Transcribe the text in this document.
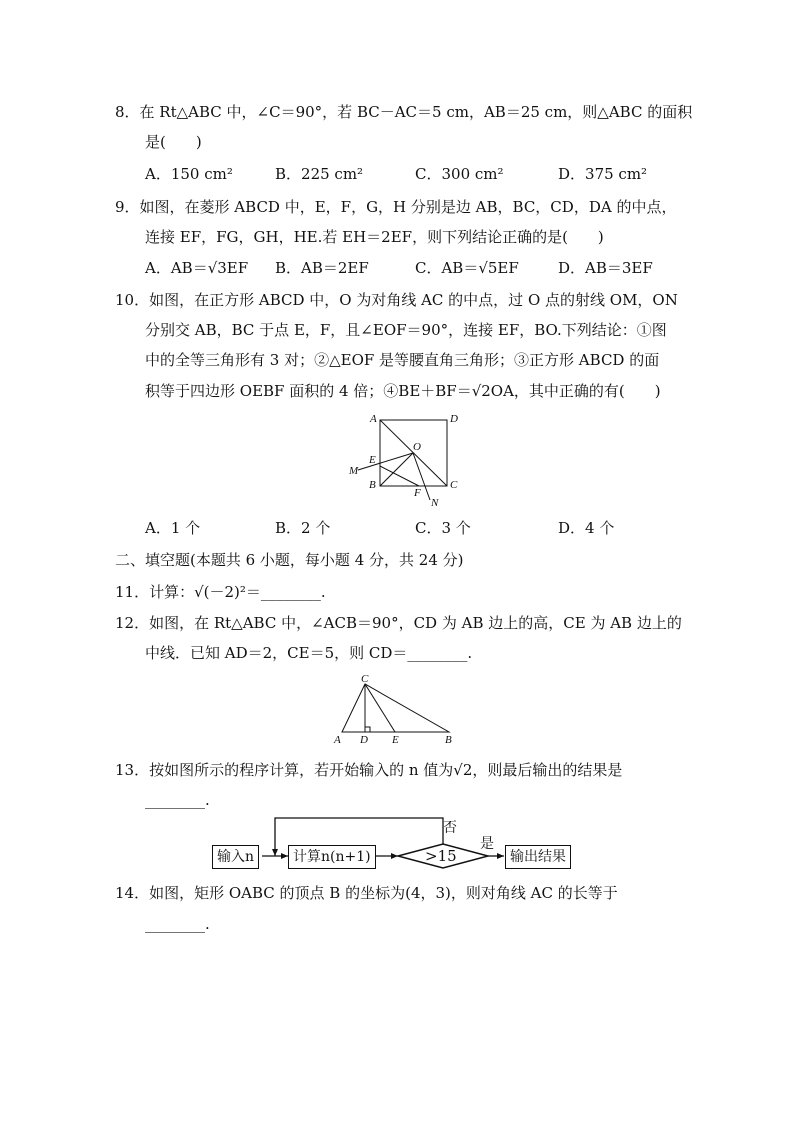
8．在 Rt△ABC 中，∠C＝90°，若 BC－AC＝5 cm，AB＝25 cm，则△ABC 的面积
是(　　)
A．150 cm²	B．225 cm²	C．300 cm²	D．375 cm²
9．如图，在菱形 ABCD 中，E，F，G，H 分别是边 AB，BC，CD，DA 的中点，
连接 EF，FG，GH，HE.若 EH＝2EF，则下列结论正确的是(　　)
A．AB＝√3EF B．AB＝2EF	C．AB＝√5EF	D．AB＝3EF
10．如图，在正方形 ABCD 中，O 为对角线 AC 的中点，过 O 点的射线 OM，ON
分别交 AB，BC 于点 E，F，且∠EOF＝90°，连接 EF，BO.下列结论：①图
中的全等三角形有 3 对；②△EOF 是等腰直角三角形；③正方形 ABCD 的面
积等于四边形 OEBF 面积的 4 倍；④BE＋BF＝√2OA，其中正确的有(　　)
A	D
O
E
M
B
F
C
N
A．1 个	B．2 个	C．3 个	D．4 个
二、填空题(本题共 6 小题，每小题 4 分，共 24 分)
11．计算：√(－2)²＝________.
12．如图，在 Rt△ABC 中，∠ACB＝90°，CD 为 AB 边上的高，CE 为 AB 边上的
中线．已知 AD＝2，CE＝5，则 CD＝________.
C
A D E	B
13．按如图所示的程序计算，若开始输入的 n 值为√2，则最后输出的结果是
________.
输入n	计算n(n+1)	>15	输出结果
否
是
14．如图，矩形 OABC 的顶点 B 的坐标为(4，3)，则对角线 AC 的长等于
________.
